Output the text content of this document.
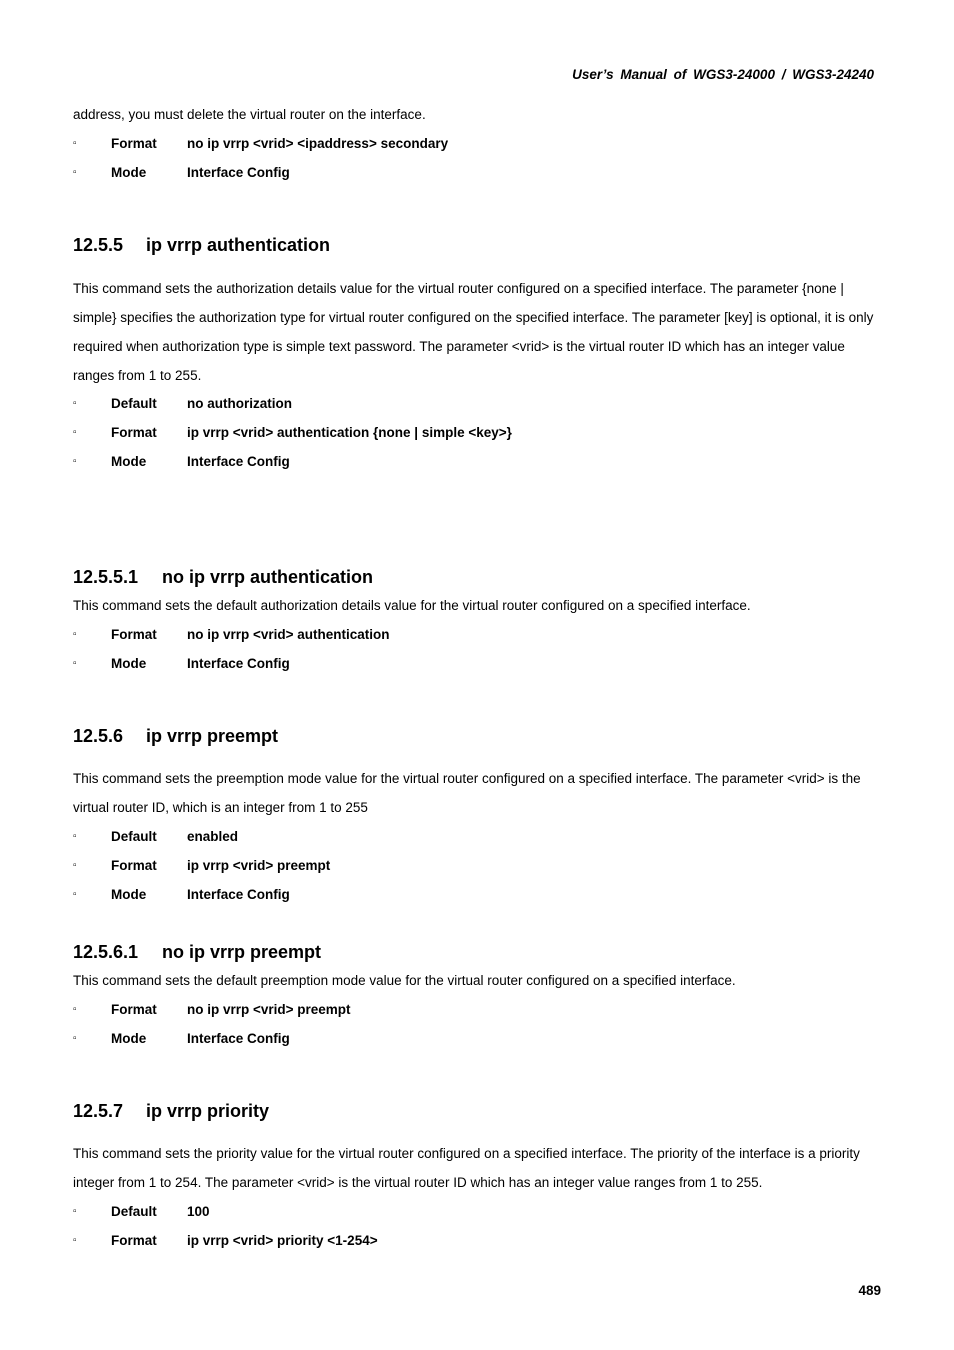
User’s Manual of WGS3-24000 / WGS3-24240

address, you must delete the virtual router on the interface.

▫	Format no ip vrrp <vrid> <ipaddress> secondary
▫	Mode	Interface Config
12.5.5 ip vrrp authentication

This command sets the authorization details value for the virtual router configured on a specified interface. The parameter {none | simple} specifies the authorization type for virtual router configured on the specified interface. The parameter [key] is optional, it is only required when authorization type is simple text password. The parameter <vrid> is the virtual router ID which has an integer value ranges from 1 to 255.

▫	Default no authorization
▫	Format ip vrrp <vrid> authentication {none | simple <key>}
▫	Mode	Interface Config
12.5.5.1 no ip vrrp authentication

This command sets the default authorization details value for the virtual router configured on a specified interface.

▫	Format no ip vrrp <vrid> authentication
▫	Mode	Interface Config
12.5.6 ip vrrp preempt

This command sets the preemption mode value for the virtual router configured on a specified interface. The parameter <vrid> is the virtual router ID, which is an integer from 1 to 255

▫	Default enabled
▫	Format ip vrrp <vrid> preempt
▫	Mode	Interface Config
12.5.6.1 no ip vrrp preempt

This command sets the default preemption mode value for the virtual router configured on a specified interface.

▫	Format no ip vrrp <vrid> preempt
▫	Mode	Interface Config
12.5.7 ip vrrp priority

This command sets the priority value for the virtual router configured on a specified interface. The priority of the interface is a priority integer from 1 to 254. The parameter <vrid> is the virtual router ID which has an integer value ranges from 1 to 255.

▫	Default 100
▫	Format ip vrrp <vrid> priority <1-254>
489
